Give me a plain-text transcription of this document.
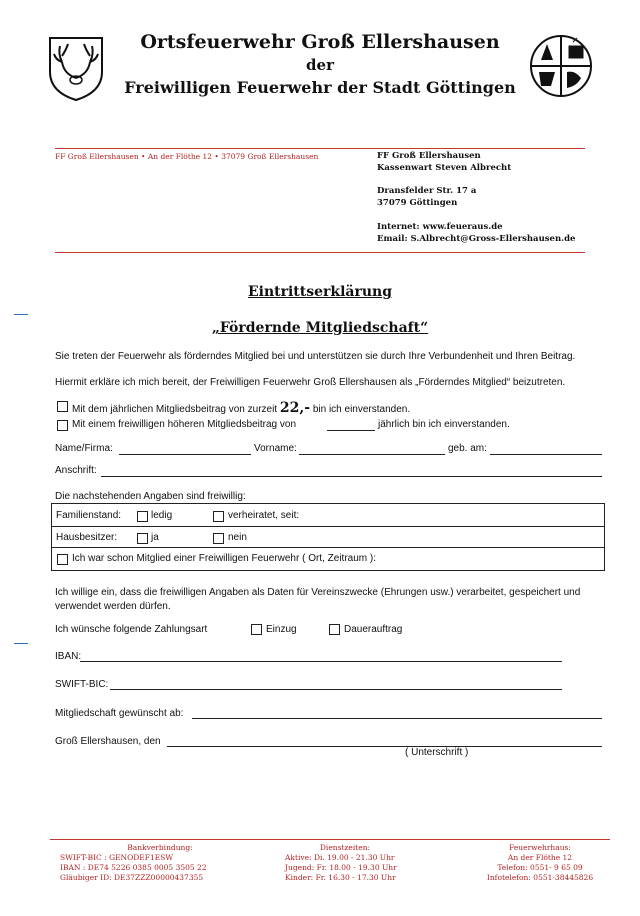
Ortsfeuerwehr Groß Ellershausen
der
Freiwilligen Feuerwehr der Stadt Göttingen
FF Groß Ellershausen • An der Flöthe 12 • 37079 Groß Ellershausen	FF Groß Ellershausen
Kassenwart Steven Albrecht
Dransfelder Str. 17 a
37079 Göttingen
Internet: www.feueraus.de
Email: S.Albrecht@Gross-Ellershausen.de
Eintrittserklärung
„Fördernde Mitgliedschaft“
Sie treten der Feuerwehr als förderndes Mitglied bei und unterstützen sie durch Ihre Verbundenheit und Ihren Beitrag.
Hiermit erkläre ich mich bereit, der Freiwilligen Feuerwehr Groß Ellershausen als „Förderndes Mitglied“ beizutreten.
Mit dem jährlichen Mitgliedsbeitrag von zurzeit 22,- bin ich einverstanden.
Mit einem freiwilligen höheren Mitgliedsbeitrag von	jährlich bin ich einverstanden.
Name/Firma:	Vorname:	geb. am:
Anschrift:
Die nachstehenden Angaben sind freiwillig:
Familienstand:	ledig	verheiratet, seit:
Hausbesitzer:	ja	nein
Ich war schon Mitglied einer Freiwilligen Feuerwehr ( Ort, Zeitraum ):
Ich willige ein, dass die freiwilligen Angaben als Daten für Vereinszwecke (Ehrungen usw.) verarbeitet, gespeichert und verwendet werden dürfen.
Ich wünsche folgende Zahlungsart	Einzug	Dauerauftrag
IBAN:
SWIFT-BIC:
Mitgliedschaft gewünscht ab:
Groß Ellershausen, den
( Unterschrift )
Bankverbindung:
SWIFT-BIC : GENODEF1ESW
IBAN : DE74 5226 0385 0005 3505 22
Gläubiger ID: DE37ZZZ00000437355
Dienstzeiten:
Aktive: Di. 19.00 - 21.30 Uhr
Jugend: Fr. 18.00 - 19.30 Uhr
Kinder: Fr. 16.30 - 17.30 Uhr
Feuerwehrhaus:
An der Flöthe 12
Telefon: 0551- 9 65 09
Infotelefon: 0551-38445826
